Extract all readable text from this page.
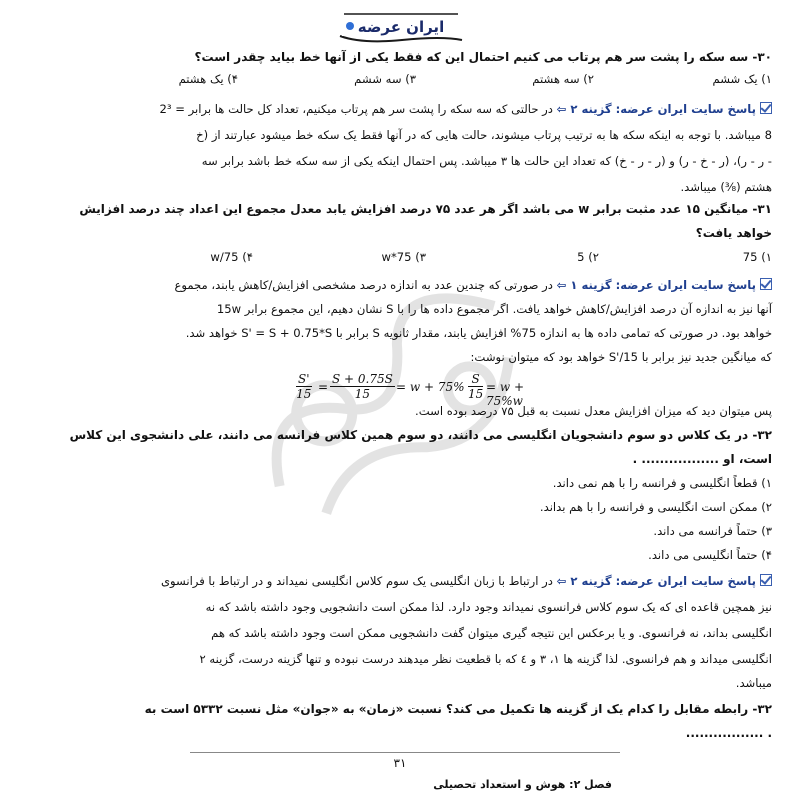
ایران عرضه
۳۰- سه سکه را پشت سر هم پرتاب می کنیم احتمال این که فقط یکی از آنها خط بیاید چقدر است؟
۱) یک ششم
۲) سه هشتم
۳) سه ششم
۴) یک هشتم
پاسخ سایت ایران عرضه: گزینه ۲ ⇦ در حالتی که سه سکه را پشت سر هم پرتاب میکنیم، تعداد کل حالت ها برابر = 2³
8 میباشد. با توجه به اینکه سکه ها به ترتیب پرتاب میشوند، حالت هایی که در آنها فقط یک سکه خط میشود عبارتند از (خ
- ر - ر)، (ر - خ - ر) و (ر - ر - خ) که تعداد این حالت ها ۳ میباشد. پس احتمال اینکه یکی از سه سکه خط باشد برابر سه
هشتم (⅜) میباشد.
۳۱- میانگین ۱۵ عدد مثبت برابر w می باشد اگر هر عدد ۷۵ درصد افزایش یابد معدل مجموع این اعداد چند درصد افزایش
خواهد یافت؟
۱) 75
۲) 5
۳) 75*w
۴) 75/w
پاسخ سایت ایران عرضه: گزینه ۱ ⇦ در صورتی که چندین عدد به اندازه درصد مشخصی افزایش/کاهش یابند، مجموع
آنها نیز به اندازه آن درصد افزایش/کاهش خواهد یافت. اگر مجموع داده ها را با S نشان دهیم، این مجموع برابر 15w
خواهد بود. در صورتی که تمامی داده ها به اندازه 75% افزایش یابند، مقدار ثانویه S برابر با S' = S + 0.75*S خواهد شد.
که میانگین جدید نیز برابر با S'/15 خواهد بود که میتوان نوشت:
$\frac{S'}{15} = \frac{S + 0.75S}{15} = w + 75\% \frac{S}{15} = w + 75\%w$
پس میتوان دید که میزان افزایش معدل نسبت به قبل ۷۵ درصد بوده است.
۳۲- در یک کلاس دو سوم دانشجویان انگلیسی می دانند، دو سوم همین کلاس فرانسه می دانند، علی دانشجوی این کلاس
است، او ................. .
۱) قطعاً انگلیسی و فرانسه را با هم نمی داند.
۲) ممکن است انگلیسی و فرانسه را با هم بداند.
۳) حتماً فرانسه می داند.
۴) حتماً انگلیسی می داند.
پاسخ سایت ایران عرضه: گزینه ۲ ⇦ در ارتباط با زبان انگلیسی یک سوم کلاس انگلیسی نمیداند و در ارتباط با فرانسوی
نیز همچین قاعده ای که یک سوم کلاس فرانسوی نمیداند وجود دارد. لذا ممکن است دانشجویی وجود داشته باشد که نه
انگلیسی بداند، نه فرانسوی. و یا برعکس این نتیجه گیری میتوان گفت دانشجویی ممکن است وجود داشته باشد که هم
انگلیسی میداند و هم فرانسوی. لذا گزینه ها ۱، ۳ و ٤ که با قطعیت نظر میدهند درست نبوده و تنها گزینه درست، گزینه ۲
میباشد.
۳۲- رابطه مقابل را کدام یک از گزینه ها تکمیل می کند؟ نسبت «زمان» به «جوان» مثل نسبت ۵۳۳۲ است به
................. .
۳۱
فصل ۲: هوش و استعداد تحصیلی
